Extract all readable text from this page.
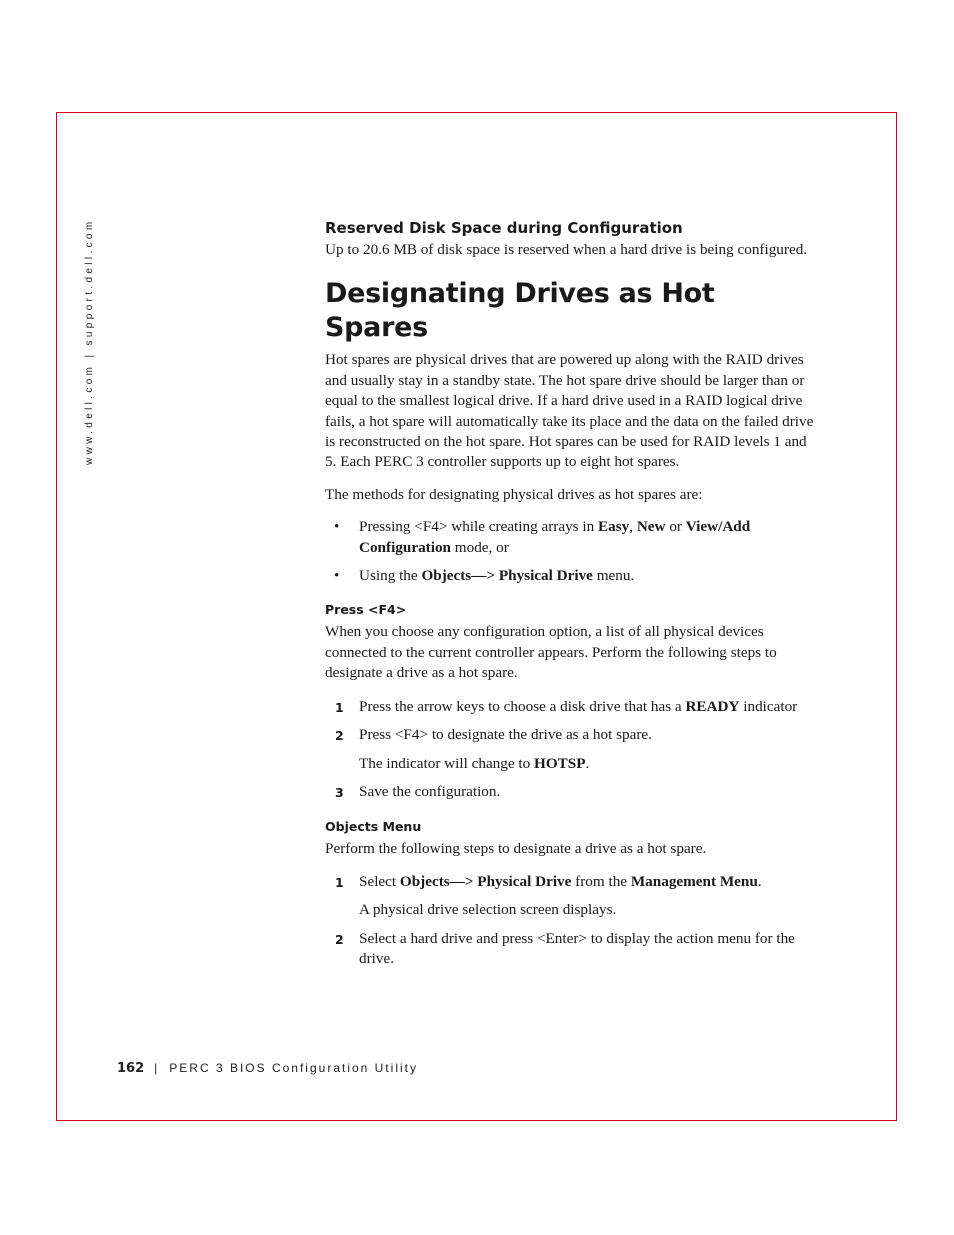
www.dell.com | support.dell.com	Reserved Disk Space during Configuration

Up to 20.6 MB of disk space is reserved when a hard drive is being configured.

Designating Drives as Hot Spares

Hot spares are physical drives that are powered up along with the RAID drives and usually stay in a standby state. The hot spare drive should be larger than or equal to the smallest logical drive. If a hard drive used in a RAID logical drive fails, a hot spare will automatically take its place and the data on the failed drive is reconstructed on the hot spare. Hot spares can be used for RAID levels 1 and 5. Each PERC 3 controller supports up to eight hot spares.

The methods for designating physical drives as hot spares are:

• Pressing <F4> while creating arrays in Easy, New or View/Add Configuration mode, or
• Using the Objects—> Physical Drive menu.
Press <F4>

When you choose any configuration option, a list of all physical devices connected to the current controller appears. Perform the following steps to designate a drive as a hot spare.

1 Press the arrow keys to choose a disk drive that has a READY indicator
2 Press <F4> to designate the drive as a hot spare.

The indicator will change to HOTSP.

3 Save the configuration.
Objects Menu

Perform the following steps to designate a drive as a hot spare.

1 Select Objects—> Physical Drive from the Management Menu.

A physical drive selection screen displays.

2 Select a hard drive and press <Enter> to display the action menu for the drive.
162 | PERC 3 BIOS Configuration Utility
